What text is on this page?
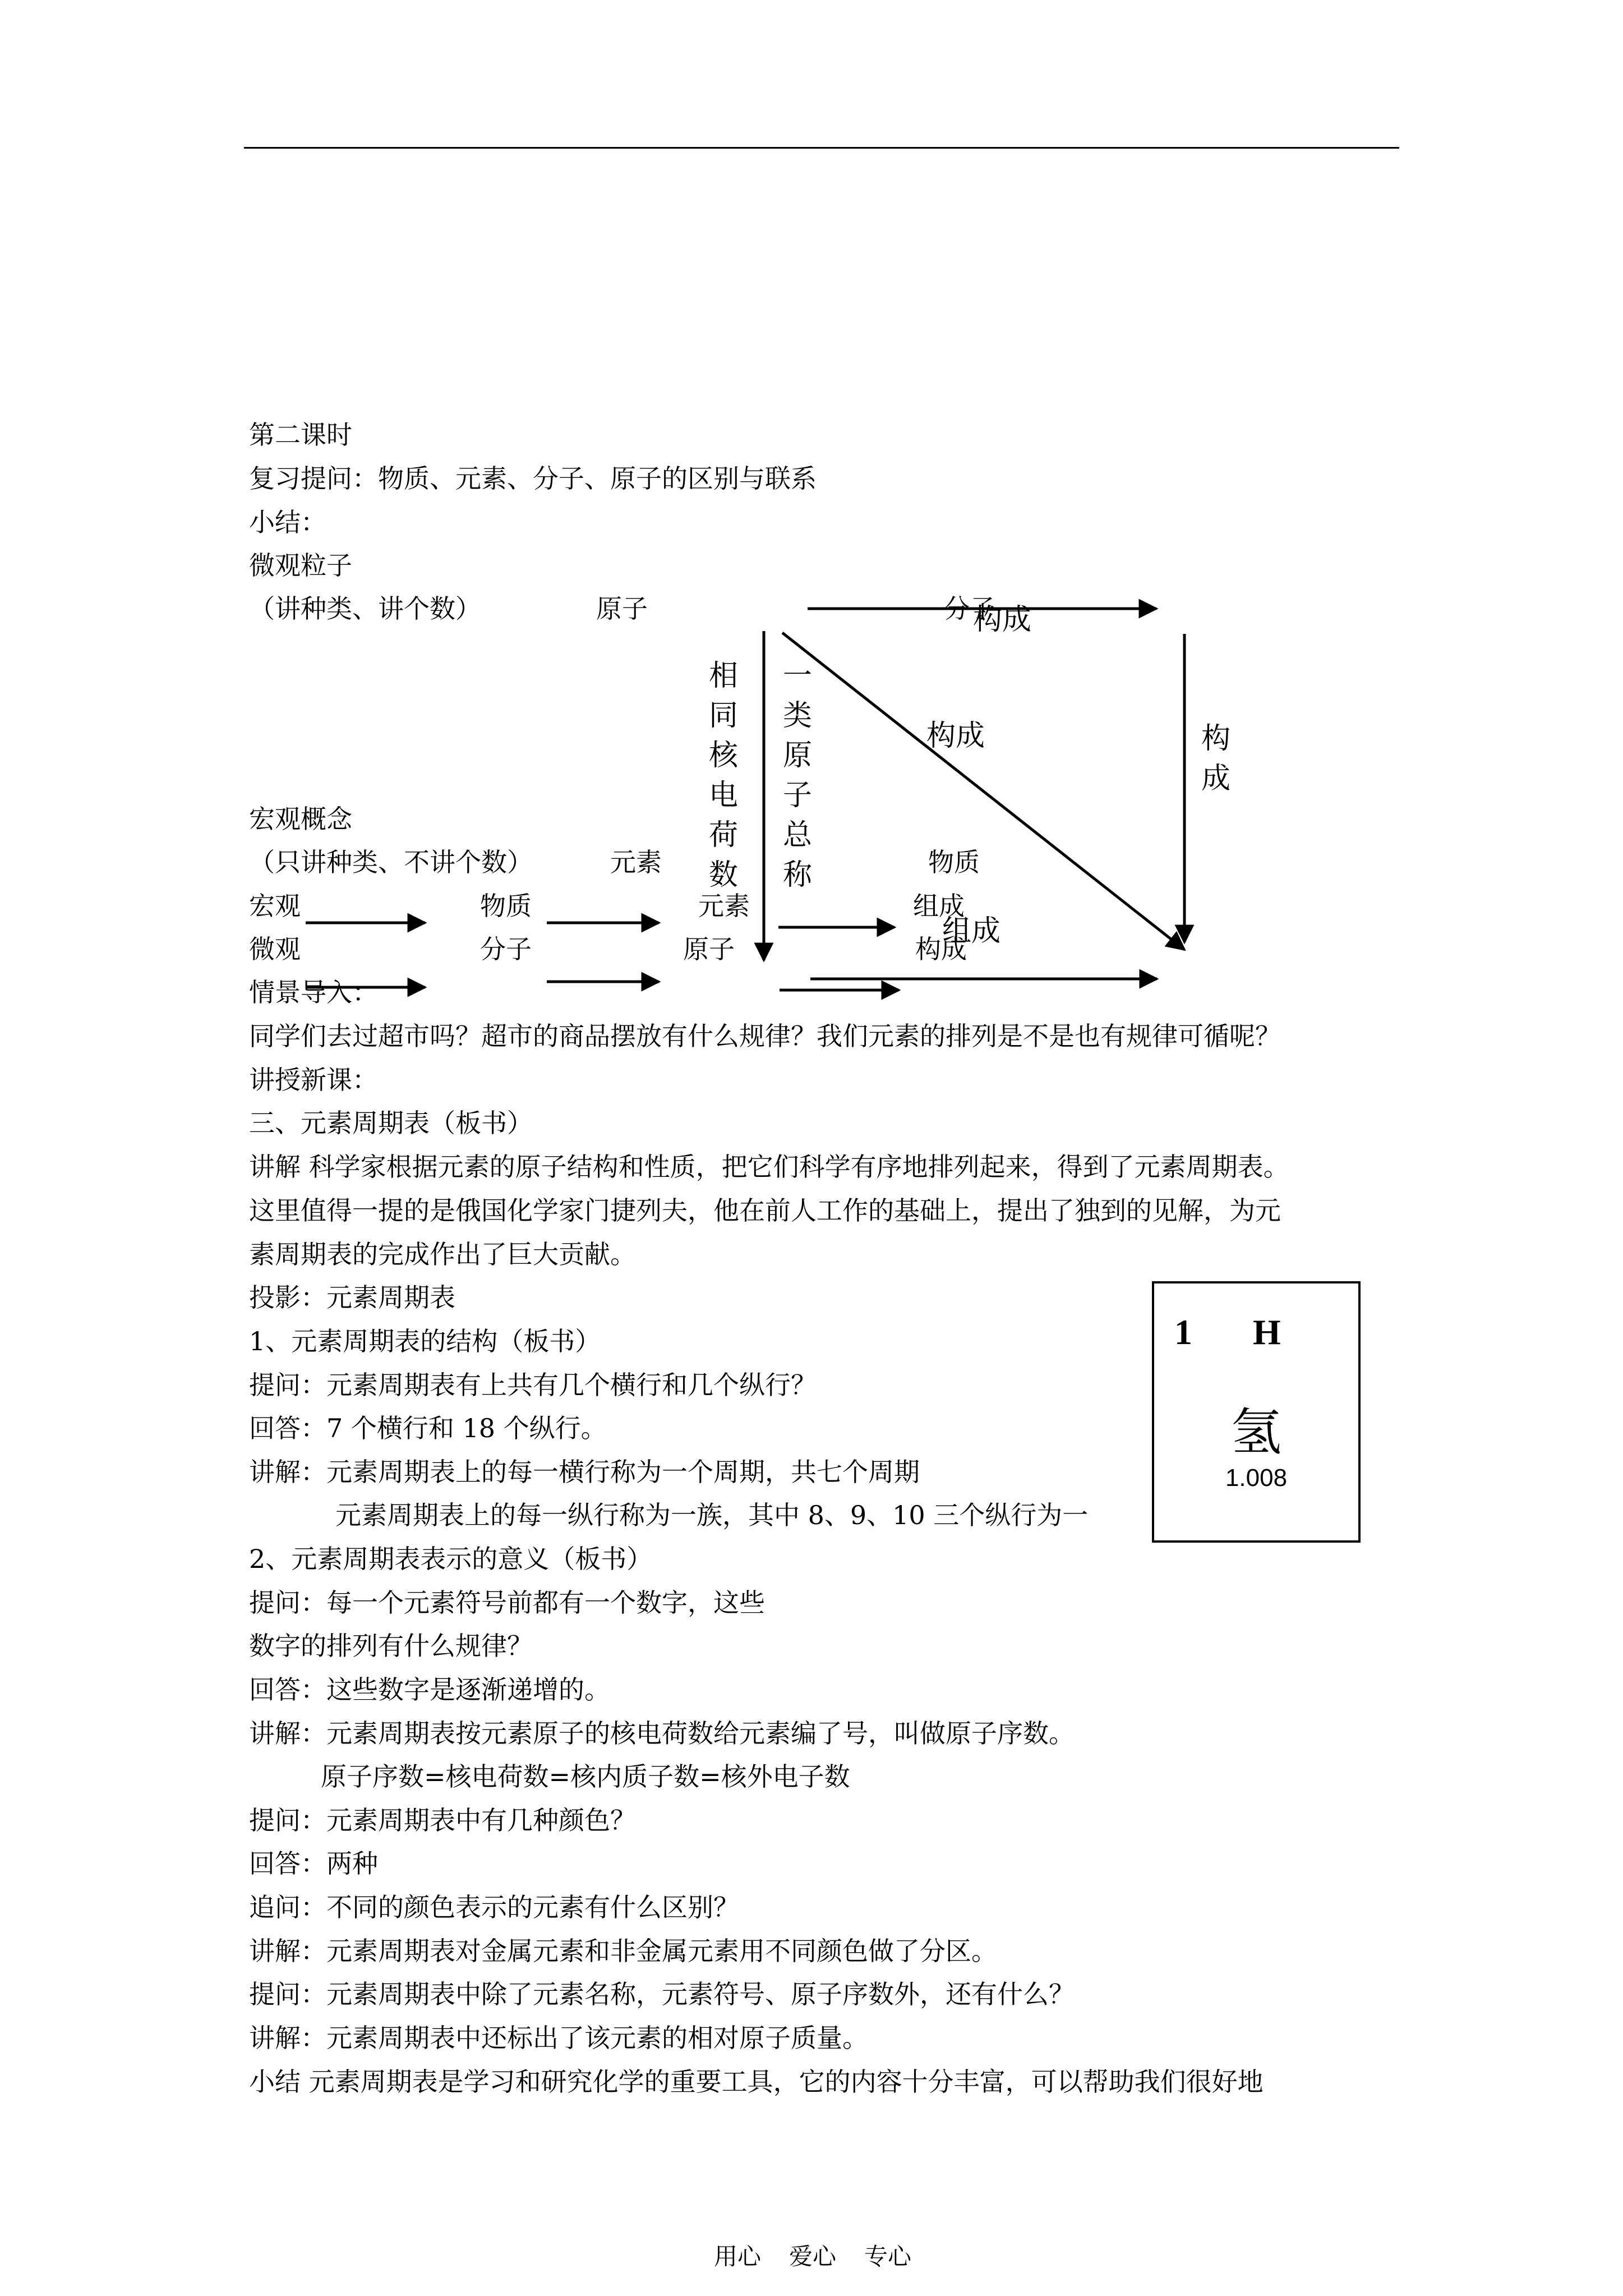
第二课时
复习提问：物质、元素、分子、原子的区别与联系
小结：
微观粒子
（讲种类、讲个数）	原子	分子
构成
相
同
核
电
荷
数
一
类
原
子
总
称
构成	构
成
宏观概念
（只讲种类、不讲个数）	元素	物质
宏观	物质	元素	组成
组成
微观	分子	原子	构成
情景导入：
同学们去过超市吗？超市的商品摆放有什么规律？我们元素的排列是不是也有规律可循呢？
讲授新课：
三、元素周期表（板书）
讲解 科学家根据元素的原子结构和性质，把它们科学有序地排列起来，得到了元素周期表。
这里值得一提的是俄国化学家门捷列夫，他在前人工作的基础上，提出了独到的见解，为元
素周期表的完成作出了巨大贡献。
投影：元素周期表
1、元素周期表的结构（板书）
提问：元素周期表有上共有几个横行和几个纵行？
回答：7 个横行和 18 个纵行。
讲解：元素周期表上的每一横行称为一个周期，共七个周期
元素周期表上的每一纵行称为一族，其中 8、9、10 三个纵行为一
2、元素周期表表示的意义（板书）
提问：每一个元素符号前都有一个数字，这些
数字的排列有什么规律？
回答：这些数字是逐渐递增的。
讲解：元素周期表按元素原子的核电荷数给元素编了号，叫做原子序数。
原子序数=核电荷数=核内质子数=核外电子数
提问：元素周期表中有几种颜色？
回答：两种
追问：不同的颜色表示的元素有什么区别？
讲解：元素周期表对金属元素和非金属元素用不同颜色做了分区。
提问：元素周期表中除了元素名称，元素符号、原子序数外，还有什么？
讲解：元素周期表中还标出了该元素的相对原子质量。
小结 元素周期表是学习和研究化学的重要工具，它的内容十分丰富，可以帮助我们很好地
1 H
氢
1.008
用心 爱心 专心
